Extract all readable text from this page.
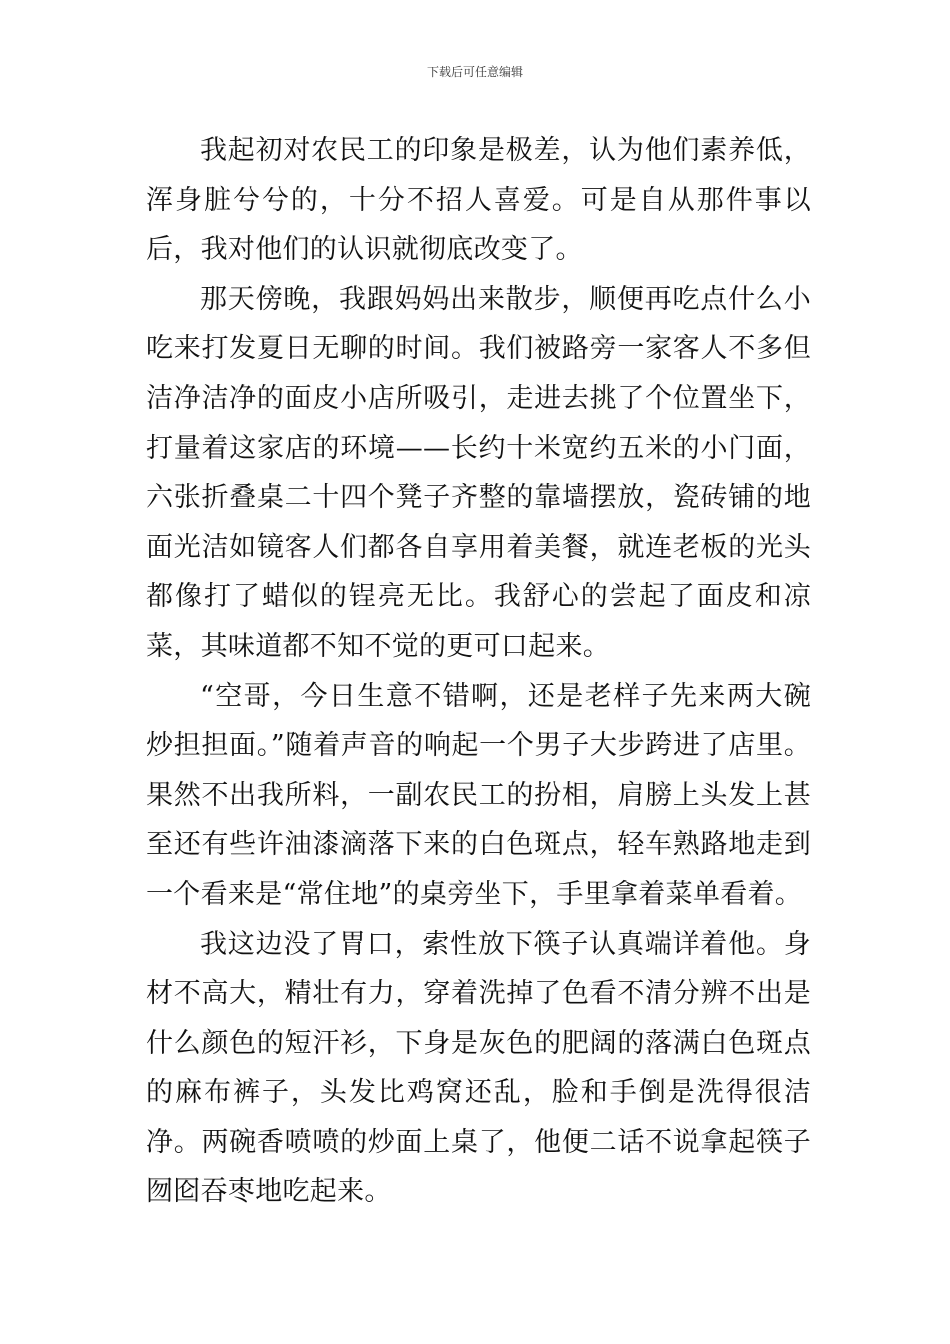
下载后可任意编辑

我起初对农民工的印象是极差，认为他们素养低，浑身脏兮兮的，十分不招人喜爱。可是自从那件事以后，我对他们的认识就彻底改变了。

那天傍晚，我跟妈妈出来散步，顺便再吃点什么小吃来打发夏日无聊的时间。我们被路旁一家客人不多但洁净洁净的面皮小店所吸引，走进去挑了个位置坐下，打量着这家店的环境——长约十米宽约五米的小门面，六张折叠桌二十四个凳子齐整的靠墙摆放，瓷砖铺的地面光洁如镜客人们都各自享用着美餐，就连老板的光头都像打了蜡似的锃亮无比。我舒心的尝起了面皮和凉菜，其味道都不知不觉的更可口起来。

“空哥，今日生意不错啊，还是老样子先来两大碗炒担担面。”随着声音的响起一个男子大步跨进了店里。果然不出我所料，一副农民工的扮相，肩膀上头发上甚至还有些许油漆滴落下来的白色斑点，轻车熟路地走到一个看来是“常住地”的桌旁坐下，手里拿着菜单看着。

我这边没了胃口，索性放下筷子认真端详着他。身材不高大，精壮有力，穿着洗掉了色看不清分辨不出是什么颜色的短汗衫，下身是灰色的肥阔的落满白色斑点的麻布裤子，头发比鸡窝还乱，脸和手倒是洗得很洁净。两碗香喷喷的炒面上桌了，他便二话不说拿起筷子囫囵吞枣地吃起来。
